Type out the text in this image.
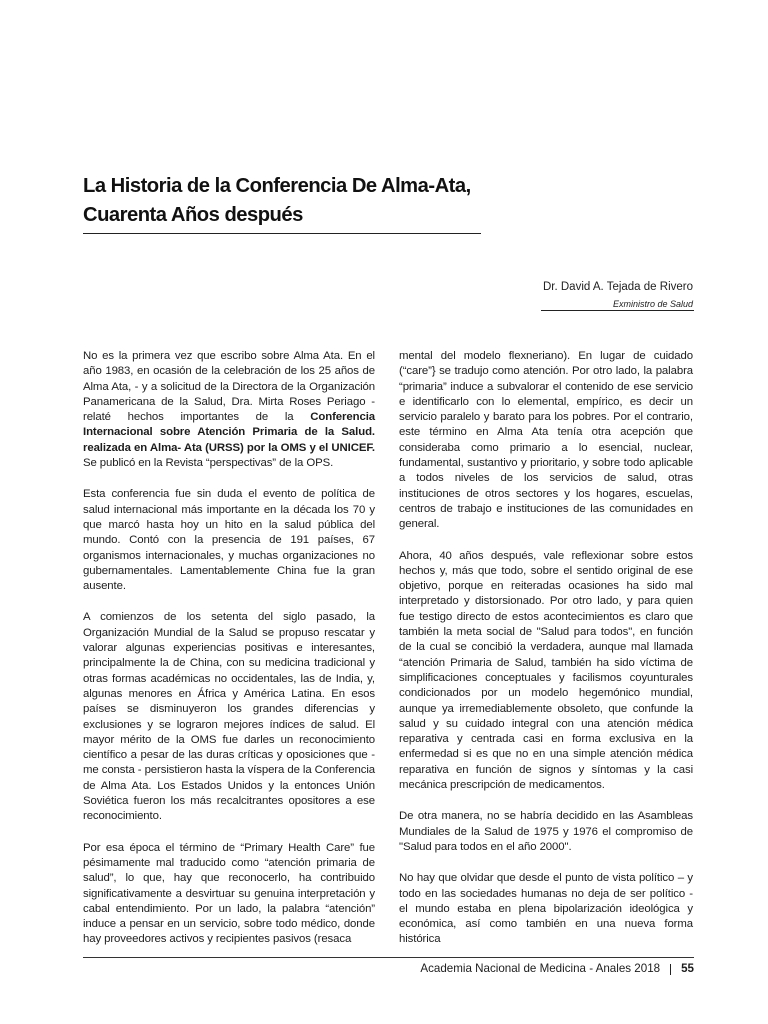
La Historia de la Conferencia De Alma-Ata,
Cuarenta Años después
Dr. David A. Tejada de Rivero
Exministro de Salud

No es la primera vez que escribo sobre Alma Ata. En el año 1983, en ocasión de la celebración de los 25 años de Alma Ata, - y a solicitud de la Directora de la Organización Panamericana de la Salud, Dra. Mirta Roses Periago - relaté hechos importantes de la Conferencia Internacional sobre Atención Primaria de la Salud. realizada en Alma- Ata (URSS) por la OMS y el UNICEF. Se publicó en la Revista “perspectivas” de la OPS.

Esta conferencia fue sin duda el evento de política de salud internacional más importante en la década los 70 y que marcó hasta hoy un hito en la salud pública del mundo. Contó con la presencia de 191 países, 67 organismos internacionales, y muchas organizaciones no gubernamentales. Lamentablemente China fue la gran ausente.

A comienzos de los setenta del siglo pasado, la Organización Mundial de la Salud se propuso rescatar y valorar algunas experiencias positivas e interesantes, principalmente la de China, con su medicina tradicional y otras formas académicas no occidentales, las de India, y, algunas menores en África y América Latina. En esos países se disminuyeron los grandes diferencias y exclusiones y se lograron mejores índices de salud. El mayor mérito de la OMS fue darles un reconocimiento científico a pesar de las duras críticas y oposiciones que - me consta - persistieron hasta la víspera de la Conferencia de Alma Ata. Los Estados Unidos y la entonces Unión Soviética fueron los más recalcitrantes opositores a ese reconocimiento.

Por esa época el término de “Primary Health Care” fue pésimamente mal traducido como “atención primaria de salud”, lo que, hay que reconocerlo, ha contribuido significativamente a desvirtuar su genuina interpretación y cabal entendimiento. Por un lado, la palabra “atención” induce a pensar en un servicio, sobre todo médico, donde hay proveedores activos y recipientes pasivos (resaca

mental del modelo flexneriano). En lugar de cuidado (“care”} se tradujo como atención. Por otro lado, la palabra “primaria” induce a subvalorar el contenido de ese servicio e identificarlo con lo elemental, empírico, es decir un servicio paralelo y barato para los pobres. Por el contrario, este término en Alma Ata tenía otra acepción que consideraba como primario a lo esencial, nuclear, fundamental, sustantivo y prioritario, y sobre todo aplicable a todos niveles de los servicios de salud, otras instituciones de otros sectores y los hogares, escuelas, centros de trabajo e instituciones de las comunidades en general.

Ahora, 40 años después, vale reflexionar sobre estos hechos y, más que todo, sobre el sentido original de ese objetivo, porque en reiteradas ocasiones ha sido mal interpretado y distorsionado. Por otro lado, y para quien fue testigo directo de estos acontecimientos es claro que también la meta social de "Salud para todos", en función de la cual se concibió la verdadera, aunque mal llamada “atención Primaria de Salud, también ha sido víctima de simplificaciones conceptuales y facilismos coyunturales condicionados por un modelo hegemónico mundial, aunque ya irremediablemente obsoleto, que confunde la salud y su cuidado integral con una atención médica reparativa y centrada casi en forma exclusiva en la enfermedad si es que no en una simple atención médica reparativa en función de signos y síntomas y la casi mecánica prescripción de medicamentos.

De otra manera, no se habría decidido en las Asambleas Mundiales de la Salud de 1975 y 1976 el compromiso de "Salud para todos en el año 2000".

No hay que olvidar que desde el punto de vista político – y todo en las sociedades humanas no deja de ser político - el mundo estaba en plena bipolarización ideológica y económica, así como también en una nueva forma histórica

Academia Nacional de Medicina - Anales 2018 55
